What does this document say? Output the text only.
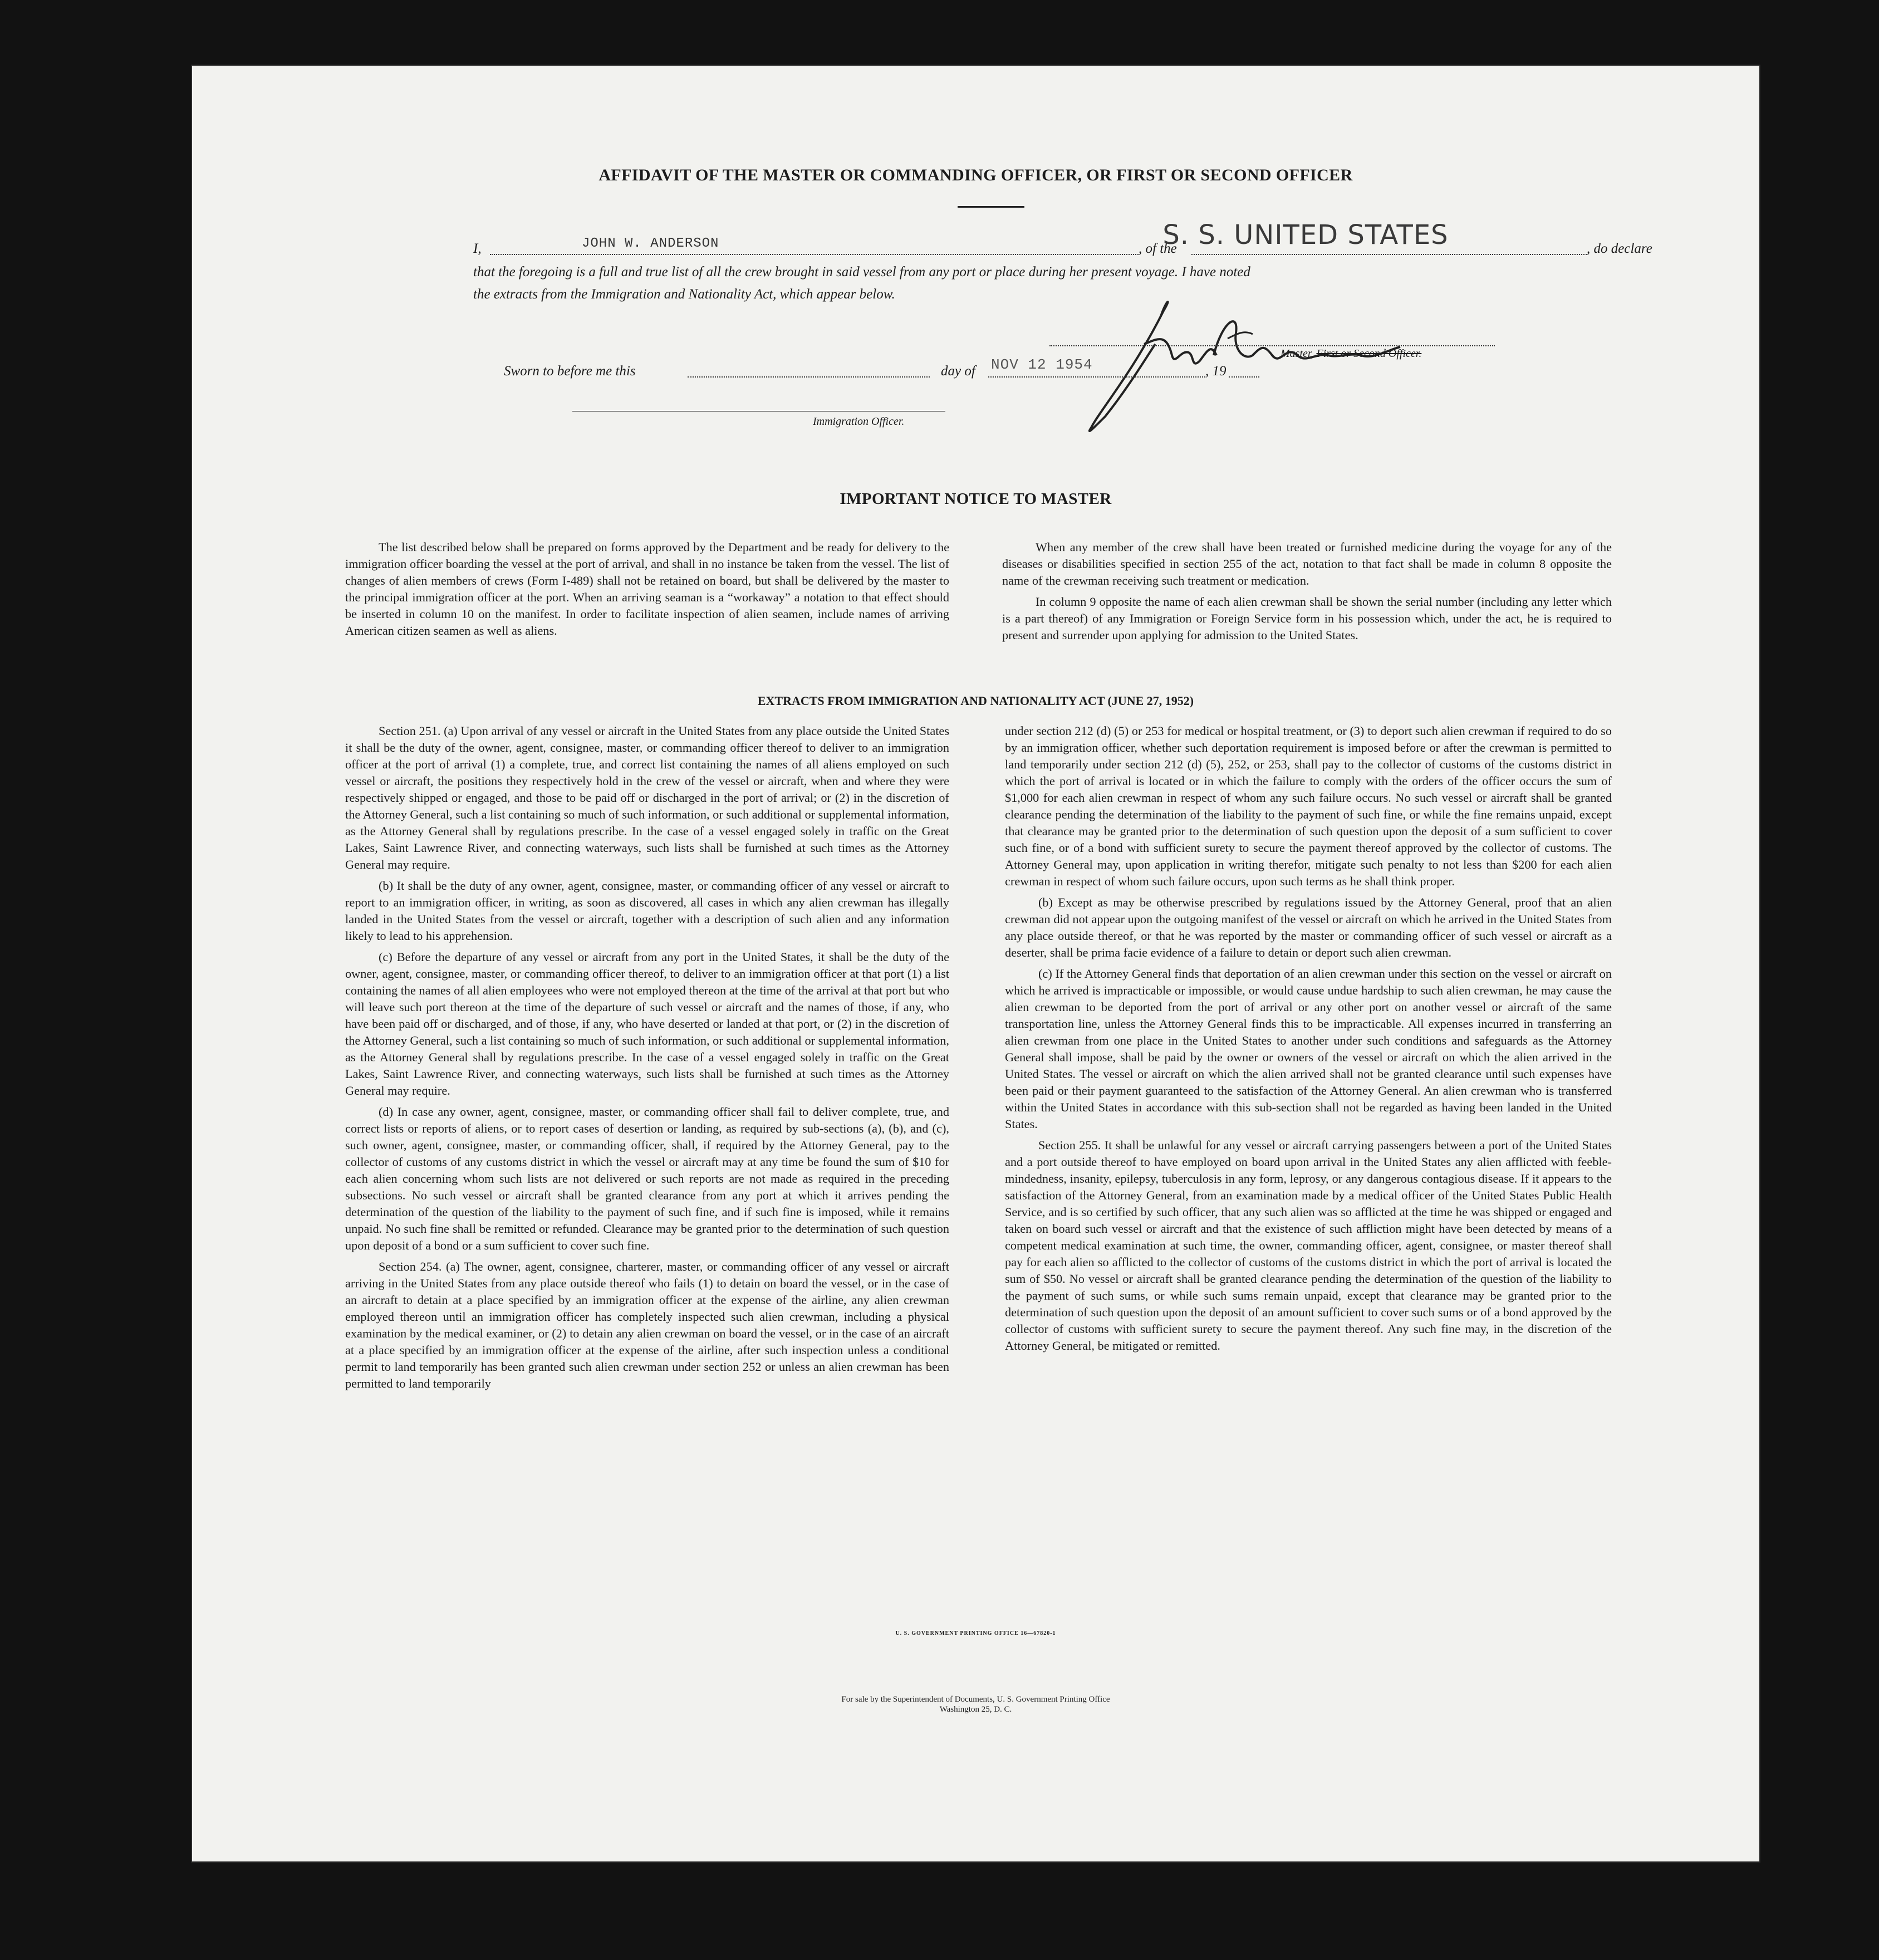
AFFIDAVIT OF THE MASTER OR COMMANDING OFFICER, OR FIRST OR SECOND OFFICER
I,	JOHN W. ANDERSON	, of the
S. S. UNITED STATES	, do declare
that the foregoing is a full and true list of all the crew brought in said vessel from any port or place during her present voyage. I have noted
the extracts from the Immigration and Nationality Act, which appear below.
Master, First or Second Officer.
Sworn to before me this	day of NOV 12 1954	, 19
Immigration Officer.
IMPORTANT NOTICE TO MASTER

The list described below shall be prepared on forms approved by the Department and be ready for delivery to the immigration officer boarding the vessel at the port of arrival, and shall in no instance be taken from the vessel. The list of changes of alien members of crews (Form I-489) shall not be retained on board, but shall be delivered by the master to the principal immigration officer at the port. When an arriving seaman is a “workaway” a notation to that effect should be inserted in column 10 on the manifest. In order to facilitate inspection of alien seamen, include names of arriving American citizen seamen as well as aliens.

When any member of the crew shall have been treated or furnished medicine during the voyage for any of the diseases or disabilities specified in section 255 of the act, notation to that fact shall be made in column 8 opposite the name of the crewman receiving such treatment or medication.

In column 9 opposite the name of each alien crewman shall be shown the serial number (including any letter which is a part thereof) of any Immigration or Foreign Service form in his possession which, under the act, he is required to present and surrender upon applying for admission to the United States.

EXTRACTS FROM IMMIGRATION AND NATIONALITY ACT (JUNE 27, 1952)

Section 251. (a) Upon arrival of any vessel or aircraft in the United States from any place outside the United States it shall be the duty of the owner, agent, consignee, master, or commanding officer thereof to deliver to an immigration officer at the port of arrival (1) a complete, true, and correct list containing the names of all aliens employed on such vessel or aircraft, the positions they respectively hold in the crew of the vessel or aircraft, when and where they were respectively shipped or engaged, and those to be paid off or discharged in the port of arrival; or (2) in the discretion of the Attorney General, such a list containing so much of such information, or such additional or supplemental information, as the Attorney General shall by regulations prescribe. In the case of a vessel engaged solely in traffic on the Great Lakes, Saint Lawrence River, and connecting waterways, such lists shall be furnished at such times as the Attorney General may require.

(b) It shall be the duty of any owner, agent, consignee, master, or commanding officer of any vessel or aircraft to report to an immigration officer, in writing, as soon as discovered, all cases in which any alien crewman has illegally landed in the United States from the vessel or aircraft, together with a description of such alien and any information likely to lead to his apprehension.

(c) Before the departure of any vessel or aircraft from any port in the United States, it shall be the duty of the owner, agent, consignee, master, or commanding officer thereof, to deliver to an immigration officer at that port (1) a list containing the names of all alien employees who were not employed thereon at the time of the arrival at that port but who will leave such port thereon at the time of the departure of such vessel or aircraft and the names of those, if any, who have been paid off or discharged, and of those, if any, who have deserted or landed at that port, or (2) in the discretion of the Attorney General, such a list containing so much of such information, or such additional or supplemental information, as the Attorney General shall by regulations prescribe. In the case of a vessel engaged solely in traffic on the Great Lakes, Saint Lawrence River, and connecting waterways, such lists shall be furnished at such times as the Attorney General may require.

(d) In case any owner, agent, consignee, master, or commanding officer shall fail to deliver complete, true, and correct lists or reports of aliens, or to report cases of desertion or landing, as required by sub-sections (a), (b), and (c), such owner, agent, consignee, master, or commanding officer, shall, if required by the Attorney General, pay to the collector of customs of any customs district in which the vessel or aircraft may at any time be found the sum of $10 for each alien concerning whom such lists are not delivered or such reports are not made as required in the preceding subsections. No such vessel or aircraft shall be granted clearance from any port at which it arrives pending the determination of the question of the liability to the payment of such fine, and if such fine is imposed, while it remains unpaid. No such fine shall be remitted or refunded. Clearance may be granted prior to the determination of such question upon deposit of a bond or a sum sufficient to cover such fine.

Section 254. (a) The owner, agent, consignee, charterer, master, or commanding officer of any vessel or aircraft arriving in the United States from any place outside thereof who fails (1) to detain on board the vessel, or in the case of an aircraft to detain at a place specified by an immigration officer at the expense of the airline, any alien crewman employed thereon until an immigration officer has completely inspected such alien crewman, including a physical examination by the medical examiner, or (2) to detain any alien crewman on board the vessel, or in the case of an aircraft at a place specified by an immigration officer at the expense of the airline, after such inspection unless a conditional permit to land temporarily has been granted such alien crewman under section 252 or unless an alien crewman has been permitted to land temporarily

under section 212 (d) (5) or 253 for medical or hospital treatment, or (3) to deport such alien crewman if required to do so by an immigration officer, whether such deportation requirement is imposed before or after the crewman is permitted to land temporarily under section 212 (d) (5), 252, or 253, shall pay to the collector of customs of the customs district in which the port of arrival is located or in which the failure to comply with the orders of the officer occurs the sum of $1,000 for each alien crewman in respect of whom any such failure occurs. No such vessel or aircraft shall be granted clearance pending the determination of the liability to the payment of such fine, or while the fine remains unpaid, except that clearance may be granted prior to the determination of such question upon the deposit of a sum sufficient to cover such fine, or of a bond with sufficient surety to secure the payment thereof approved by the collector of customs. The Attorney General may, upon application in writing therefor, mitigate such penalty to not less than $200 for each alien crewman in respect of whom such failure occurs, upon such terms as he shall think proper.

(b) Except as may be otherwise prescribed by regulations issued by the Attorney General, proof that an alien crewman did not appear upon the outgoing manifest of the vessel or aircraft on which he arrived in the United States from any place outside thereof, or that he was reported by the master or commanding officer of such vessel or aircraft as a deserter, shall be prima facie evidence of a failure to detain or deport such alien crewman.

(c) If the Attorney General finds that deportation of an alien crewman under this section on the vessel or aircraft on which he arrived is impracticable or impossible, or would cause undue hardship to such alien crewman, he may cause the alien crewman to be deported from the port of arrival or any other port on another vessel or aircraft of the same transportation line, unless the Attorney General finds this to be impracticable. All expenses incurred in transferring an alien crewman from one place in the United States to another under such conditions and safeguards as the Attorney General shall impose, shall be paid by the owner or owners of the vessel or aircraft on which the alien arrived in the United States. The vessel or aircraft on which the alien arrived shall not be granted clearance until such expenses have been paid or their payment guaranteed to the satisfaction of the Attorney General. An alien crewman who is transferred within the United States in accordance with this sub-section shall not be regarded as having been landed in the United States.

Section 255. It shall be unlawful for any vessel or aircraft carrying passengers between a port of the United States and a port outside thereof to have employed on board upon arrival in the United States any alien afflicted with feeble-mindedness, insanity, epilepsy, tuberculosis in any form, leprosy, or any dangerous contagious disease. If it appears to the satisfaction of the Attorney General, from an examination made by a medical officer of the United States Public Health Service, and is so certified by such officer, that any such alien was so afflicted at the time he was shipped or engaged and taken on board such vessel or aircraft and that the existence of such affliction might have been detected by means of a competent medical examination at such time, the owner, commanding officer, agent, consignee, or master thereof shall pay for each alien so afflicted to the collector of customs of the customs district in which the port of arrival is located the sum of $50. No vessel or aircraft shall be granted clearance pending the determination of the question of the liability to the payment of such sums, or while such sums remain unpaid, except that clearance may be granted prior to the determination of such question upon the deposit of an amount sufficient to cover such sums or of a bond approved by the collector of customs with sufficient surety to secure the payment thereof. Any such fine may, in the discretion of the Attorney General, be mitigated or remitted.

U. S. GOVERNMENT PRINTING OFFICE 16—67820-1
For sale by the Superintendent of Documents, U. S. Government Printing Office
Washington 25, D. C.
